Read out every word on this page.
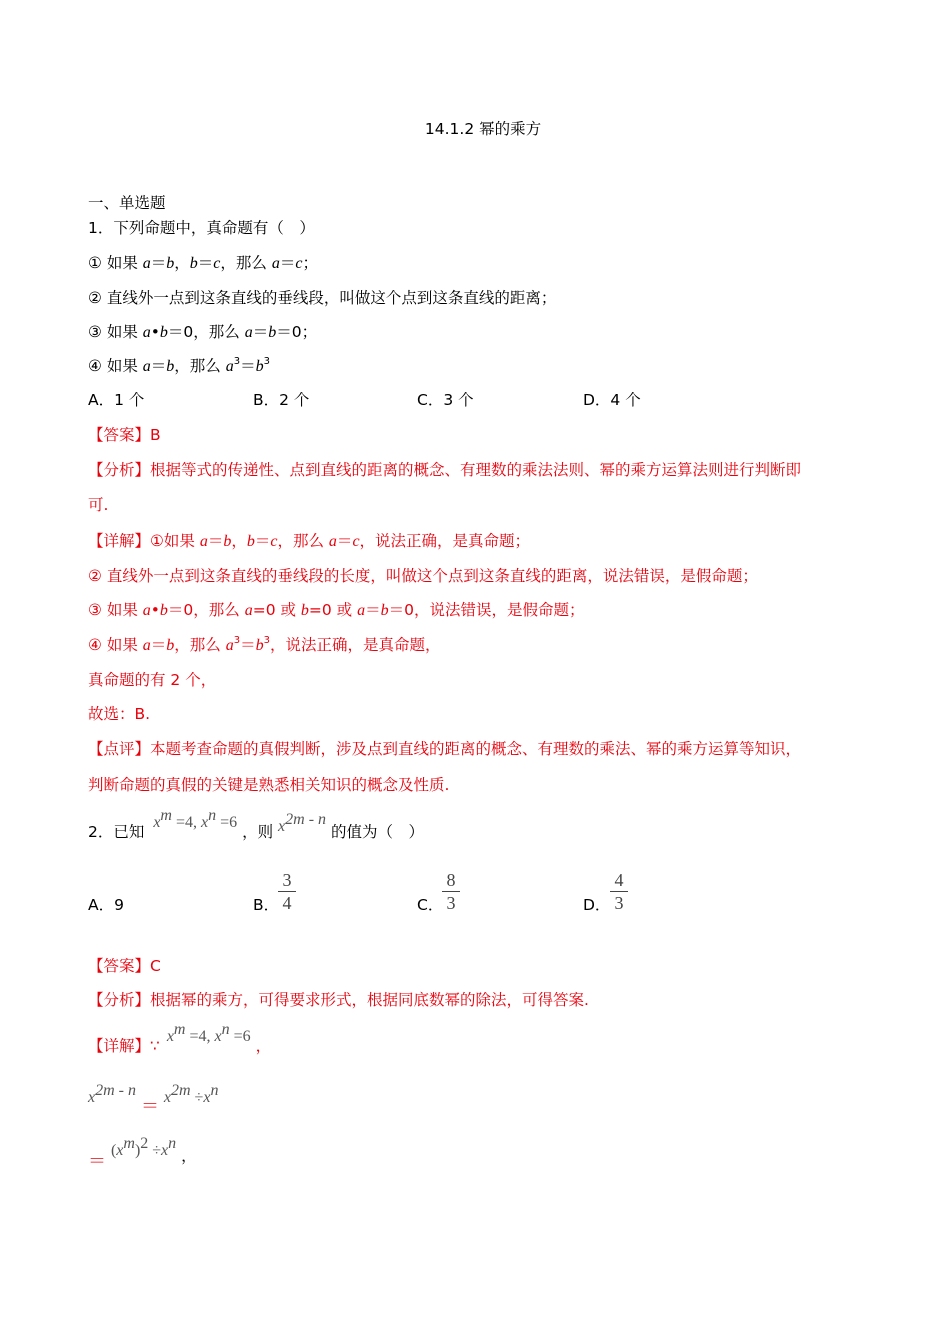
14.1.2 幂的乘方
一、单选题
1．下列命题中，真命题有（　）
① 如果 a＝b，b＝c，那么 a＝c；
② 直线外一点到这条直线的垂线段，叫做这个点到这条直线的距离；
③ 如果 a•b＝0，那么 a＝b＝0；
④ 如果 a＝b，那么 $a^3=b^3$
A．1 个	B．2 个	C．3 个	D．4 个
【答案】B
【分析】根据等式的传递性、点到直线的距离的概念、有理数的乘法法则、幂的乘方运算法则进行判断即
可.
【详解】①如果 a＝b，b＝c，那么 a＝c，说法正确，是真命题；
② 直线外一点到这条直线的垂线段的长度，叫做这个点到这条直线的距离，说法错误，是假命题；
③ 如果 a•b＝0，那么 a=0 或 b=0 或 a＝b＝0，说法错误，是假命题；
④ 如果 a＝b，那么 $a^3=b^3$，说法正确，是真命题，
真命题的有 2 个，
故选：B.
【点评】本题考查命题的真假判断，涉及点到直线的距离的概念、有理数的乘法、幂的乘方运算等知识，
判断命题的真假的关键是熟悉相关知识的概念及性质.
2．已知 $x^m =4$, $x^n =6$ ，则 $x^{2m - n}$ 的值为（　）
A．9	B．
3
4	C．
8
3	D．
4
3
【答案】C
【分析】根据幂的乘方，可得要求形式，根据同底数幂的除法，可得答案.
【详解】∵ $x^m =4$, $x^n =6$ ，
$x^{2m - n} = x^{2m} \div x^n$
＝ $(x^m)^2 \div x^n$ ，
